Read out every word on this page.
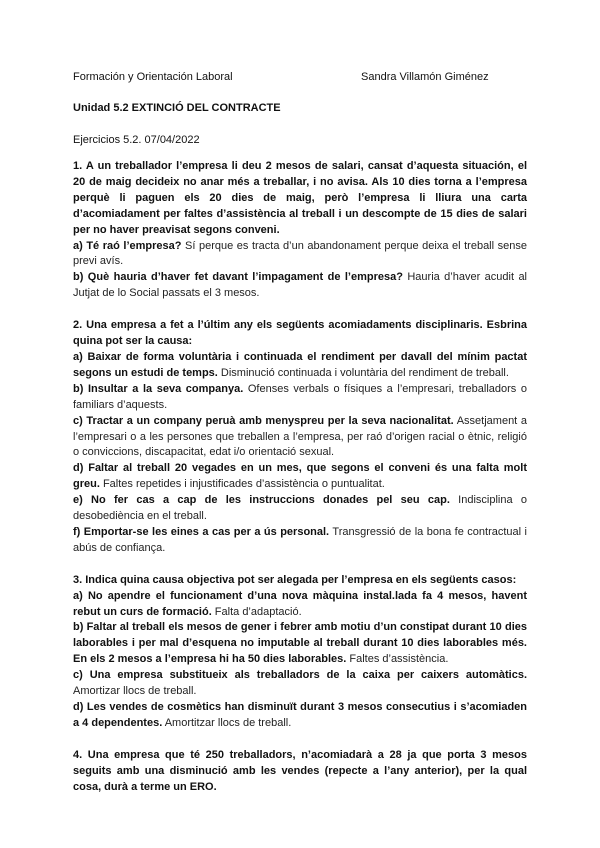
Formación y Orientación Laboral	Sandra Villamón Giménez
Unidad 5.2 EXTINCIÓ DEL CONTRACTE
Ejercicios 5.2. 07/04/2022

1. A un treballador l’empresa li deu 2 mesos de salari, cansat d’aquesta situación, el 20 de maig decideix no anar més a treballar, i no avisa. Als 10 dies torna a l’empresa perquè li paguen els 20 dies de maig, però l’empresa li lliura una carta d’acomiadament per faltes d’assistència al treball i un descompte de 15 dies de salari per no haver preavisat segons conveni.

a) Té raó l’empresa? Sí perque es tracta d’un abandonament perque deixa el treball sense previ avís.

b) Què hauria d’haver fet davant l’impagament de l’empresa? Hauria d’haver acudit al Jutjat de lo Social passats el 3 mesos.

2. Una empresa a fet a l’últim any els següents acomiadaments disciplinaris. Esbrina quina pot ser la causa:

a) Baixar de forma voluntària i continuada el rendiment per davall del mínim pactat segons un estudi de temps. Disminució continuada i voluntària del rendiment de treball.

b) Insultar a la seva companya. Ofenses verbals o físiques a l’empresari, treballadors o familiars d’aquests.

c) Tractar a un company peruà amb menyspreu per la seva nacionalitat. Assetjament a l’empresari o a les persones que treballen a l’empresa, per raó d’origen racial o ètnic, religió o conviccions, discapacitat, edat i/o orientació sexual.

d) Faltar al treball 20 vegades en un mes, que segons el conveni és una falta molt greu. Faltes repetides i injustificades d’assistència o puntualitat.

e) No fer cas a cap de les instruccions donades pel seu cap. Indisciplina o desobediència en el treball.

f) Emportar-se les eines a cas per a ús personal. Transgressió de la bona fe contractual i abús de confiança.

3. Indica quina causa objectiva pot ser alegada per l’empresa en els següents casos:

a) No apendre el funcionament d’una nova màquina instal.lada fa 4 mesos, havent rebut un curs de formació. Falta d’adaptació.

b) Faltar al treball els mesos de gener i febrer amb motiu d’un constipat durant 10 dies laborables i per mal d’esquena no imputable al treball durant 10 dies laborables més. En els 2 mesos a l’empresa hi ha 50 dies laborables. Faltes d’assistència.

c) Una empresa substitueix als treballadors de la caixa per caixers automàtics. Amortizar llocs de treball.

d) Les vendes de cosmètics han disminuït durant 3 mesos consecutius i s’acomiaden a 4 dependentes. Amortitzar llocs de treball.

4. Una empresa que té 250 treballadors, n’acomiadarà a 28 ja que porta 3 mesos seguits amb una disminució amb les vendes (repecte a l’any anterior), per la qual cosa, durà a terme un ERO.
